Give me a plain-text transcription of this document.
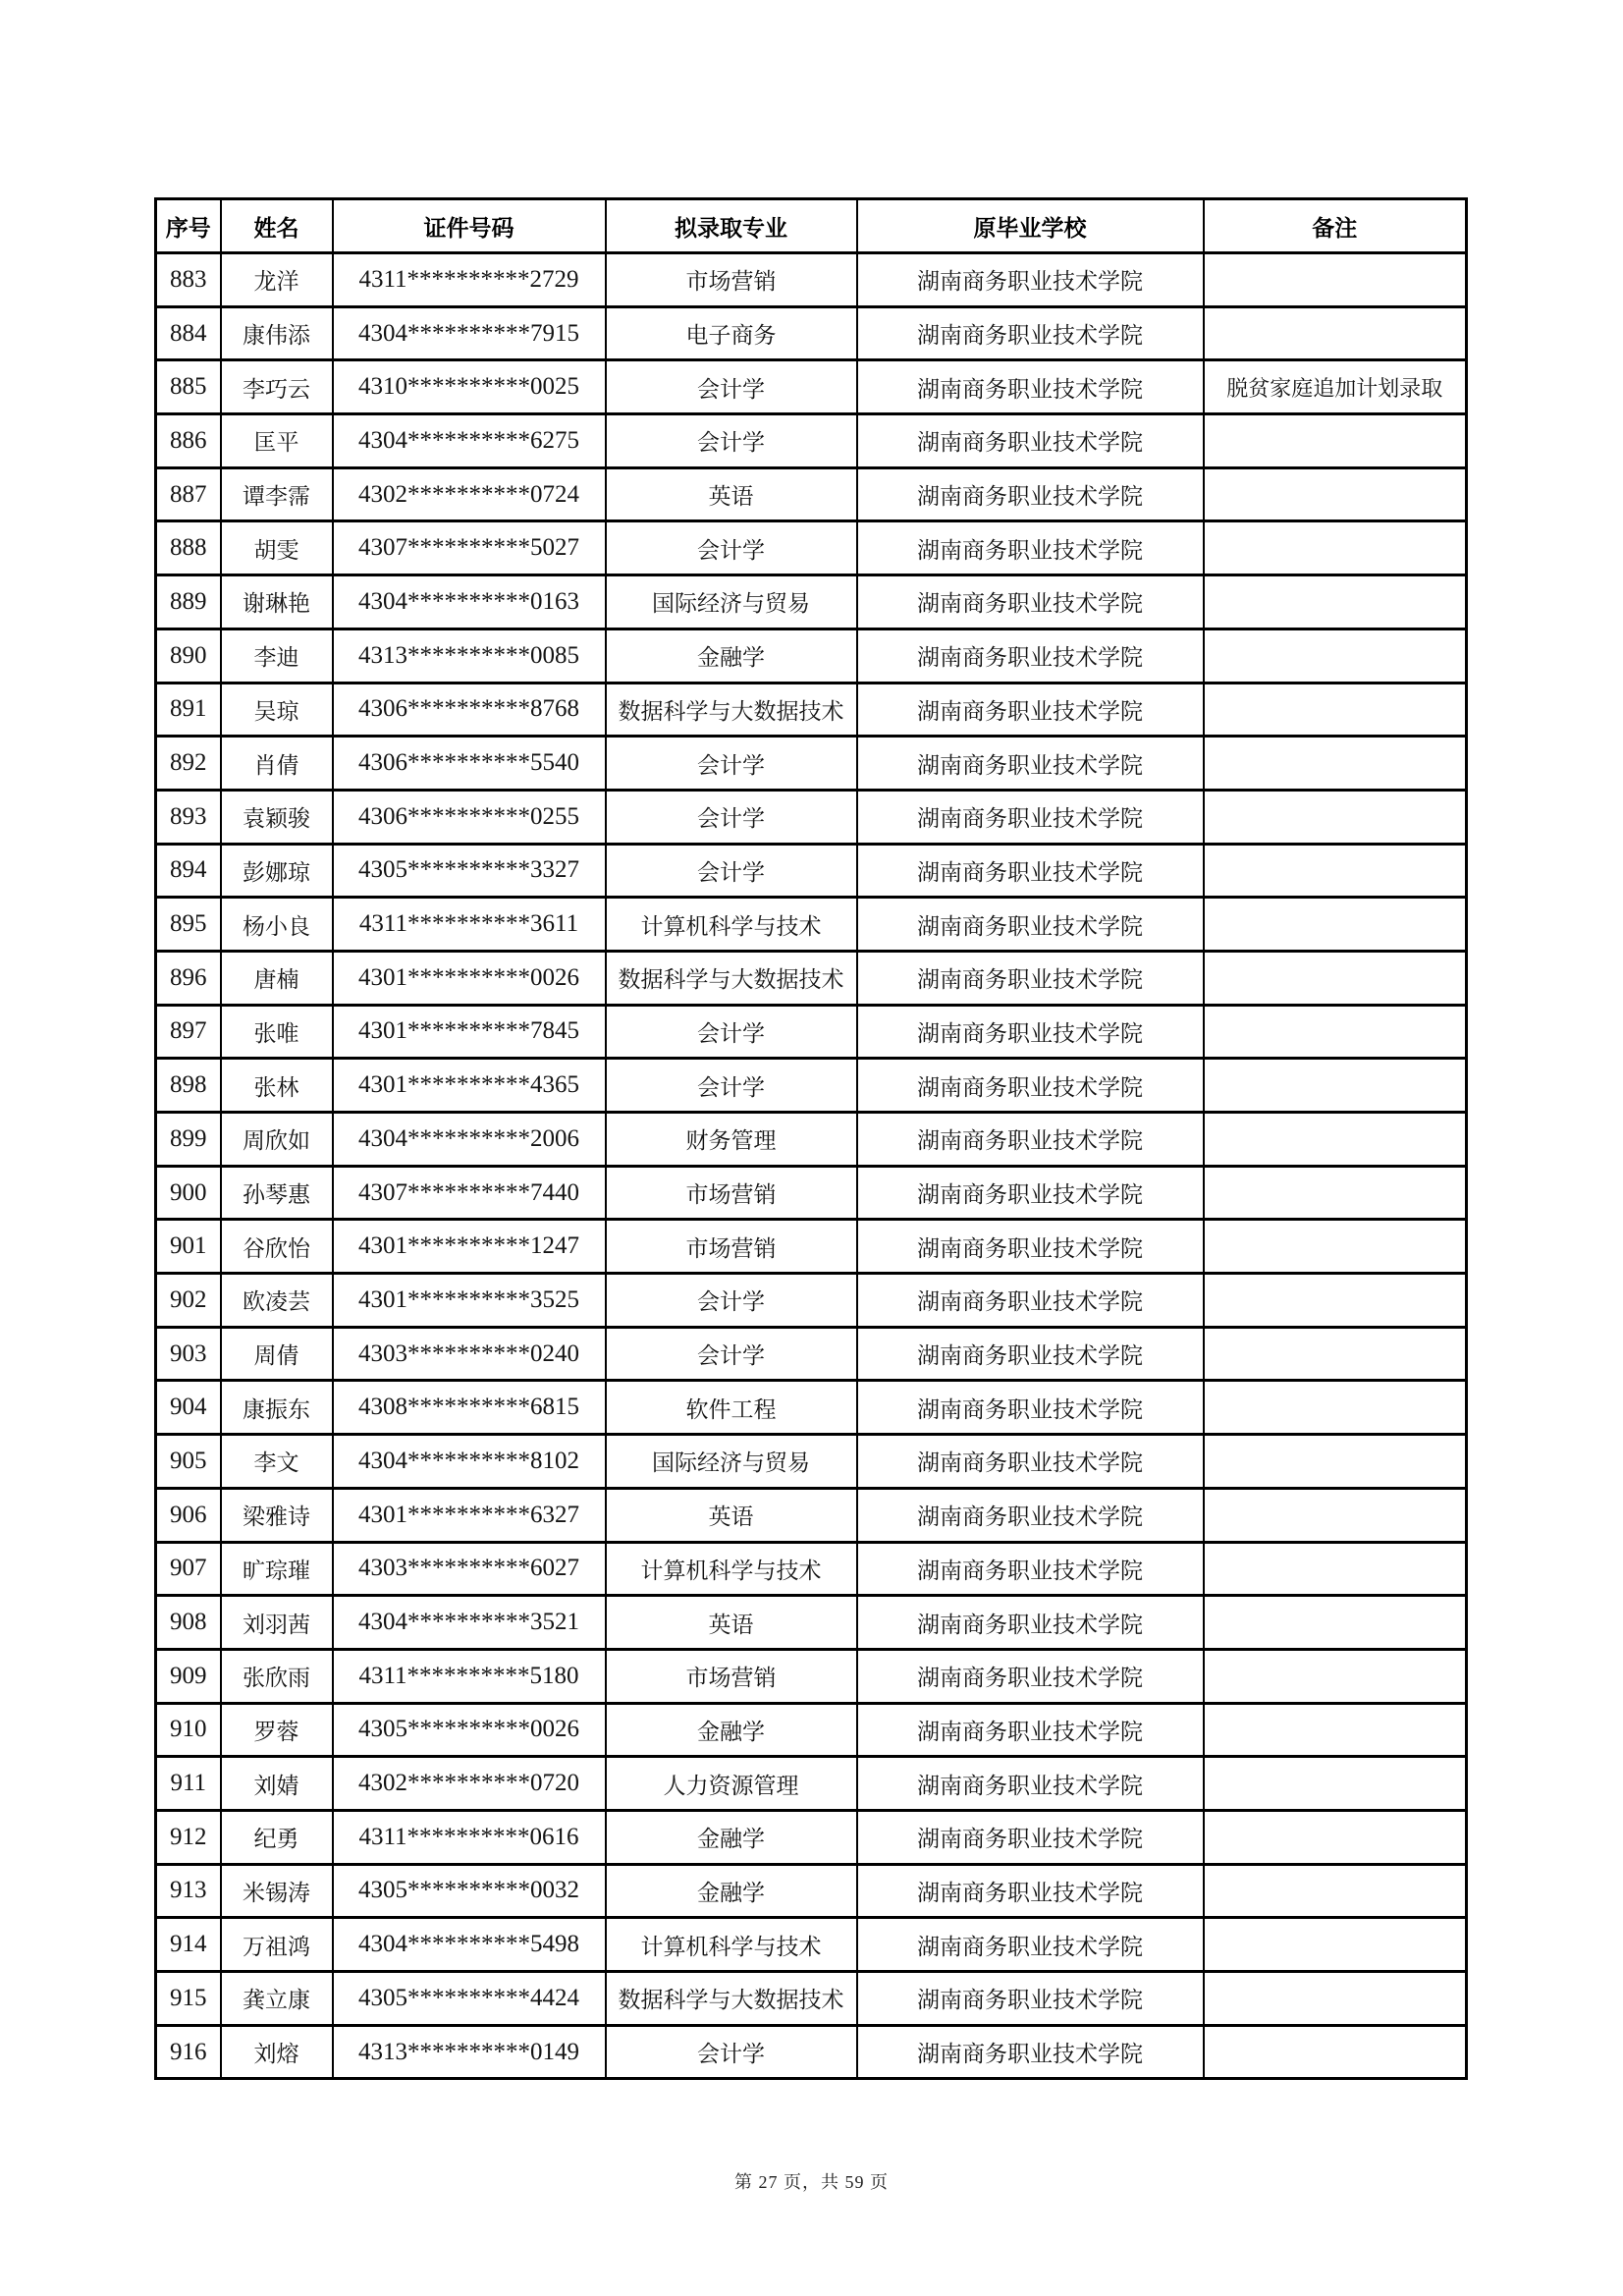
序号	姓名	证件号码	拟录取专业	原毕业学校	备注
883	龙洋	4311**********2729	市场营销	湖南商务职业技术学院	
884	康伟添	4304**********7915	电子商务	湖南商务职业技术学院	
885	李巧云	4310**********0025	会计学	湖南商务职业技术学院	脱贫家庭追加计划录取
886	匡平	4304**********6275	会计学	湖南商务职业技术学院	
887	谭李霈	4302**********0724	英语	湖南商务职业技术学院	
888	胡雯	4307**********5027	会计学	湖南商务职业技术学院	
889	谢琳艳	4304**********0163	国际经济与贸易	湖南商务职业技术学院	
890	李迪	4313**********0085	金融学	湖南商务职业技术学院	
891	吴琼	4306**********8768	数据科学与大数据技术	湖南商务职业技术学院	
892	肖倩	4306**********5540	会计学	湖南商务职业技术学院	
893	袁颖骏	4306**********0255	会计学	湖南商务职业技术学院	
894	彭娜琼	4305**********3327	会计学	湖南商务职业技术学院	
895	杨小良	4311**********3611	计算机科学与技术	湖南商务职业技术学院	
896	唐楠	4301**********0026	数据科学与大数据技术	湖南商务职业技术学院	
897	张唯	4301**********7845	会计学	湖南商务职业技术学院	
898	张林	4301**********4365	会计学	湖南商务职业技术学院	
899	周欣如	4304**********2006	财务管理	湖南商务职业技术学院	
900	孙琴惠	4307**********7440	市场营销	湖南商务职业技术学院	
901	谷欣怡	4301**********1247	市场营销	湖南商务职业技术学院	
902	欧凌芸	4301**********3525	会计学	湖南商务职业技术学院	
903	周倩	4303**********0240	会计学	湖南商务职业技术学院	
904	康振东	4308**********6815	软件工程	湖南商务职业技术学院	
905	李文	4304**********8102	国际经济与贸易	湖南商务职业技术学院	
906	梁雅诗	4301**********6327	英语	湖南商务职业技术学院	
907	旷琮璀	4303**********6027	计算机科学与技术	湖南商务职业技术学院	
908	刘羽茜	4304**********3521	英语	湖南商务职业技术学院	
909	张欣雨	4311**********5180	市场营销	湖南商务职业技术学院	
910	罗蓉	4305**********0026	金融学	湖南商务职业技术学院	
911	刘婧	4302**********0720	人力资源管理	湖南商务职业技术学院	
912	纪勇	4311**********0616	金融学	湖南商务职业技术学院	
913	米锡涛	4305**********0032	金融学	湖南商务职业技术学院	
914	万祖鸿	4304**********5498	计算机科学与技术	湖南商务职业技术学院	
915	龚立康	4305**********4424	数据科学与大数据技术	湖南商务职业技术学院	
916	刘熔	4313**********0149	会计学	湖南商务职业技术学院	
第 27 页，共 59 页
